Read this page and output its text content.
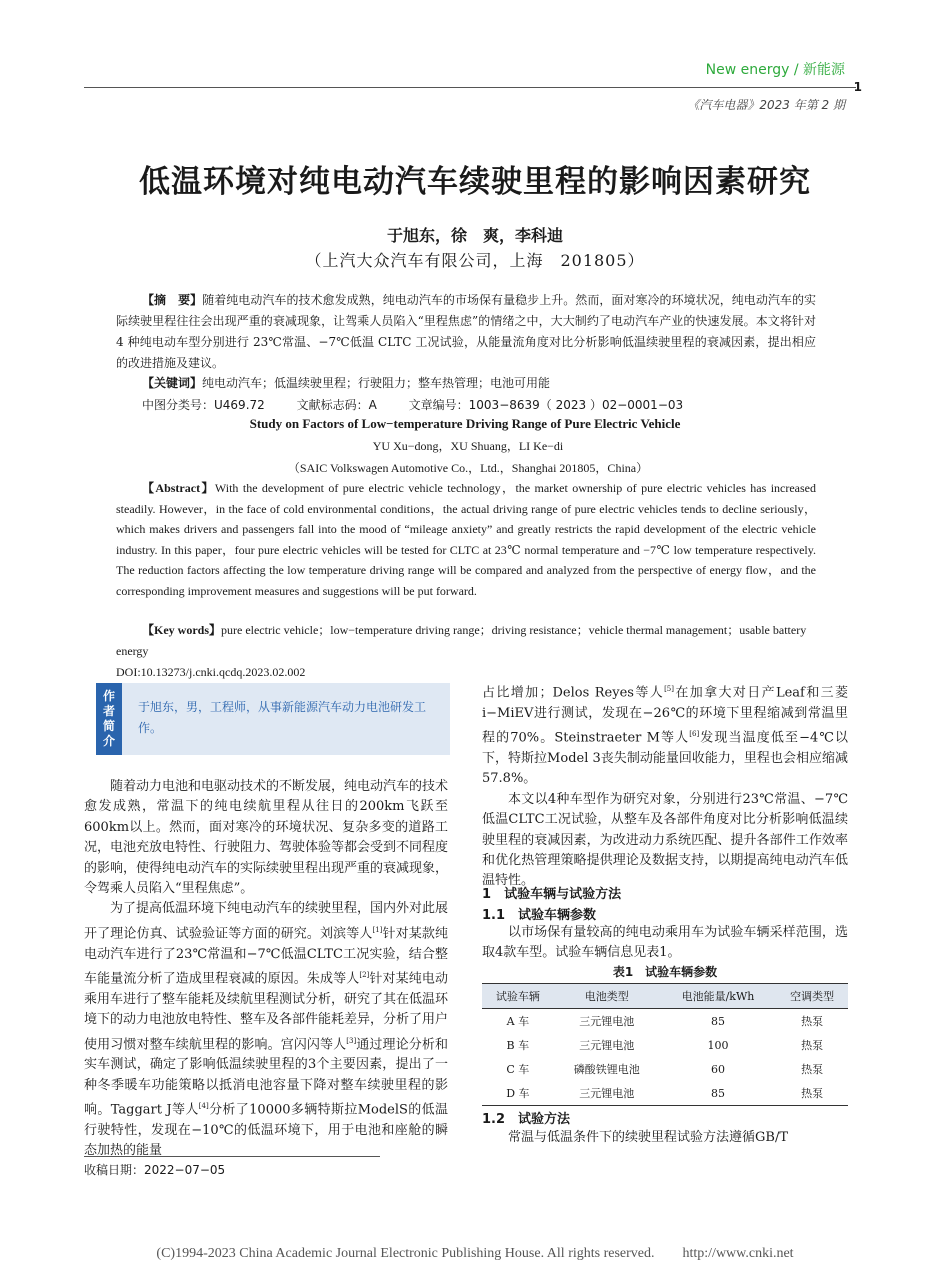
New energy / 新能源
1
《汽车电器》2023 年第 2 期
低温环境对纯电动汽车续驶里程的影响因素研究
于旭东，徐　爽，李科迪
（上汽大众汽车有限公司，上海　201805）
【摘　要】随着纯电动汽车的技术愈发成熟，纯电动汽车的市场保有量稳步上升。然而，面对寒冷的环境状况，纯电动汽车的实际续驶里程往往会出现严重的衰减现象，让驾乘人员陷入“里程焦虑”的情绪之中，大大制约了电动汽车产业的快速发展。本文将针对 4 种纯电动车型分别进行 23℃常温、−7℃低温 CLTC 工况试验，从能量流角度对比分析影响低温续驶里程的衰减因素，提出相应的改进措施及建议。
【关键词】纯电动汽车；低温续驶里程；行驶阻力；整车热管理；电池可用能
中图分类号：U469.72	文献标志码：A	文章编号：1003−8639（ 2023 ）02−0001−03
Study on Factors of Low−temperature Driving Range of Pure Electric Vehicle
YU Xu−dong，XU Shuang，LI Ke−di
（SAIC Volkswagen Automotive Co.，Ltd.，Shanghai 201805，China）
【Abstract】With the development of pure electric vehicle technology，the market ownership of pure electric vehicles has increased steadily. However，in the face of cold environmental conditions，the actual driving range of pure electric vehicles tends to decline seriously，which makes drivers and passengers fall into the mood of “mileage anxiety” and greatly restricts the rapid development of the electric vehicle industry. In this paper，four pure electric vehicles will be tested for CLTC at 23℃ normal temperature and −7℃ low temperature respectively. The reduction factors affecting the low temperature driving range will be compared and analyzed from the perspective of energy flow，and the corresponding improvement measures and suggestions will be put forward.
【Key words】pure electric vehicle；low−temperature driving range；driving resistance；vehicle thermal management；usable battery energy
DOI:10.13273/j.cnki.qcdq.2023.02.002
作
者
简
介
于旭东，男，工程师，从事新能源汽车动力电池研发工作。

随着动力电池和电驱动技术的不断发展，纯电动汽车的技术愈发成熟，常温下的纯电续航里程从往日的200km飞跃至600km以上。然而，面对寒冷的环境状况、复杂多变的道路工况，电池充放电特性、行驶阻力、驾驶体验等都会受到不同程度的影响，使得纯电动汽车的实际续驶里程出现严重的衰减现象，令驾乘人员陷入“里程焦虑”。

为了提高低温环境下纯电动汽车的续驶里程，国内外对此展开了理论仿真、试验验证等方面的研究。刘滨等人[1]针对某款纯电动汽车进行了23℃常温和−7℃低温CLTC工况实验，结合整车能量流分析了造成里程衰减的原因。朱成等人[2]针对某纯电动乘用车进行了整车能耗及续航里程测试分析，研究了其在低温环境下的动力电池放电特性、整车及各部件能耗差异，分析了用户使用习惯对整车续航里程的影响。宫闪闪等人[3]通过理论分析和实车测试，确定了影响低温续驶里程的3个主要因素，提出了一种冬季暖车功能策略以抵消电池容量下降对整车续驶里程的影响。Taggart J等人[4]分析了10000多辆特斯拉ModelS的低温行驶特性，发现在−10℃的低温环境下，用于电池和座舱的瞬态加热的能量

占比增加；Delos Reyes等人[5]在加拿大对日产Leaf和三菱i−MiEV进行测试，发现在−26℃的环境下里程缩减到常温里程的70%。Steinstraeter M等人[6]发现当温度低至−4℃以下，特斯拉Model 3丧失制动能量回收能力，里程也会相应缩减57.8%。

本文以4种车型作为研究对象，分别进行23℃常温、−7℃低温CLTC工况试验，从整车及各部件角度对比分析影响低温续驶里程的衰减因素，为改进动力系统匹配、提升各部件工作效率和优化热管理策略提供理论及数据支持，以期提高纯电动汽车低温特性。

1　 试验车辆与试验方法
1.1　 试验车辆参数

以市场保有量较高的纯电动乘用车为试验车辆采样范围，选取4款车型。试验车辆信息见表1。

表1　试验车辆参数
试验车辆	电池类型	电池能量/kWh	空调类型
A 车	三元锂电池	85	热泵
B 车	三元锂电池	100	热泵
C 车	磷酸铁锂电池	60	热泵
D 车	三元锂电池	85	热泵
1.2　 试验方法

常温与低温条件下的续驶里程试验方法遵循GB/T

收稿日期：2022−07−05
(C)1994-2023 China Academic Journal Electronic Publishing House. All rights reserved.　　http://www.cnki.net
